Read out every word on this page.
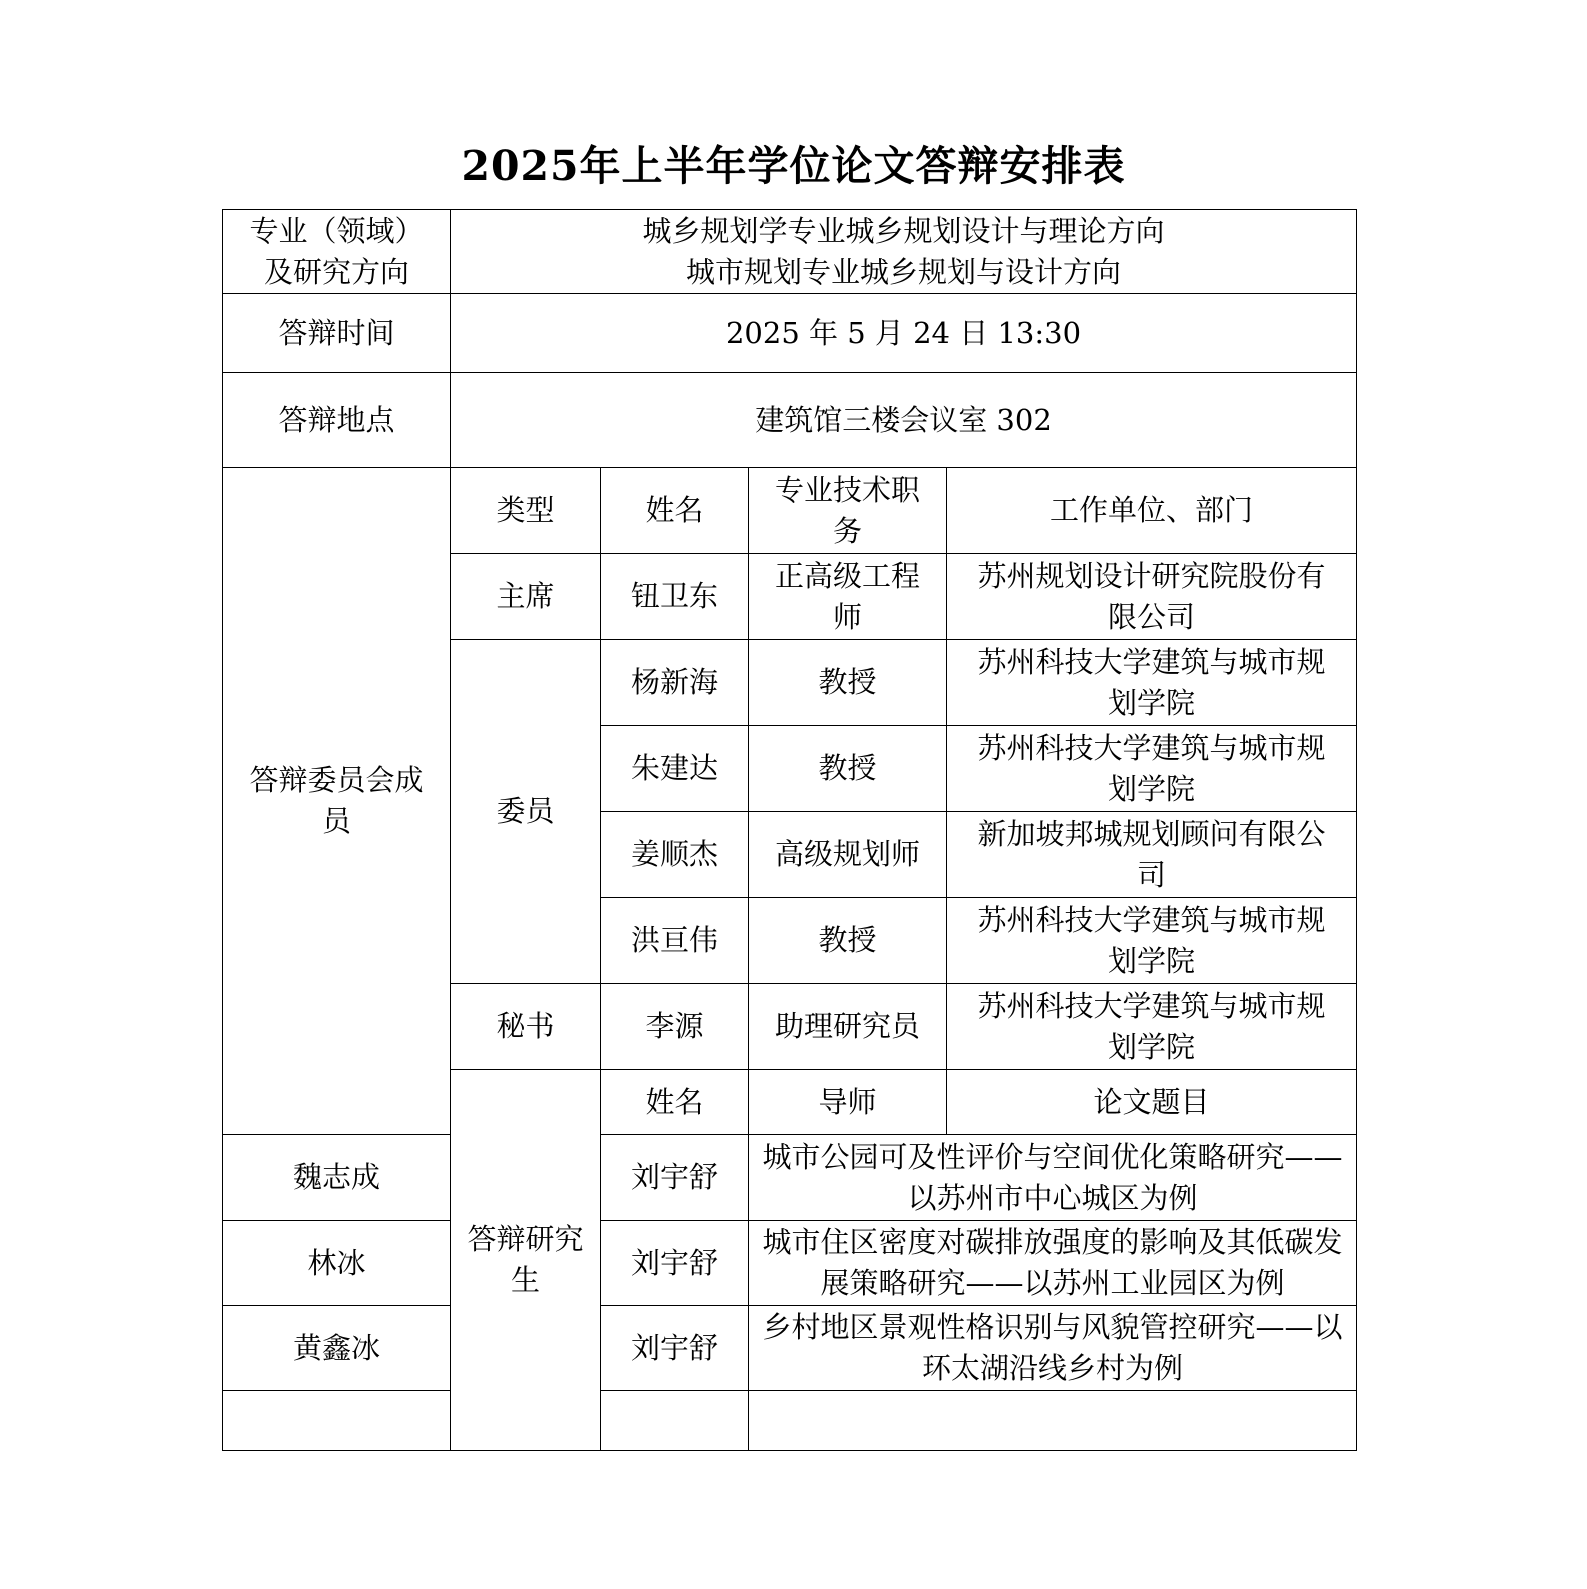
2025年上半年学位论文答辩安排表
专业（领域）
及研究方向	城乡规划学专业城乡规划设计与理论方向
城市规划专业城乡规划与设计方向			

答辩时间	2025 年 5 月 24 日 13:30			
答辩地点	建筑馆三楼会议室 302			
答辩委员会成员	类型	姓名	专业技术职务	工作单位、部门
	主席	钮卫东	正高级工程师	苏州规划设计研究院股份有限公司
	委员	杨新海	教授	苏州科技大学建筑与城市规划学院
		朱建达	教授	苏州科技大学建筑与城市规划学院
		姜顺杰	高级规划师	新加坡邦城规划顾问有限公司
		洪亘伟	教授	苏州科技大学建筑与城市规划学院
	秘书	李源	助理研究员	苏州科技大学建筑与城市规划学院
	答辩研究生	姓名	导师	论文题目
魏志成		刘宇舒	城市公园可及性评价与空间优化策略研究——以苏州市中心城区为例	
林冰		刘宇舒	城市住区密度对碳排放强度的影响及其低碳发展策略研究——以苏州工业园区为例	
黄鑫冰		刘宇舒	乡村地区景观性格识别与风貌管控研究——以环太湖沿线乡村为例	
